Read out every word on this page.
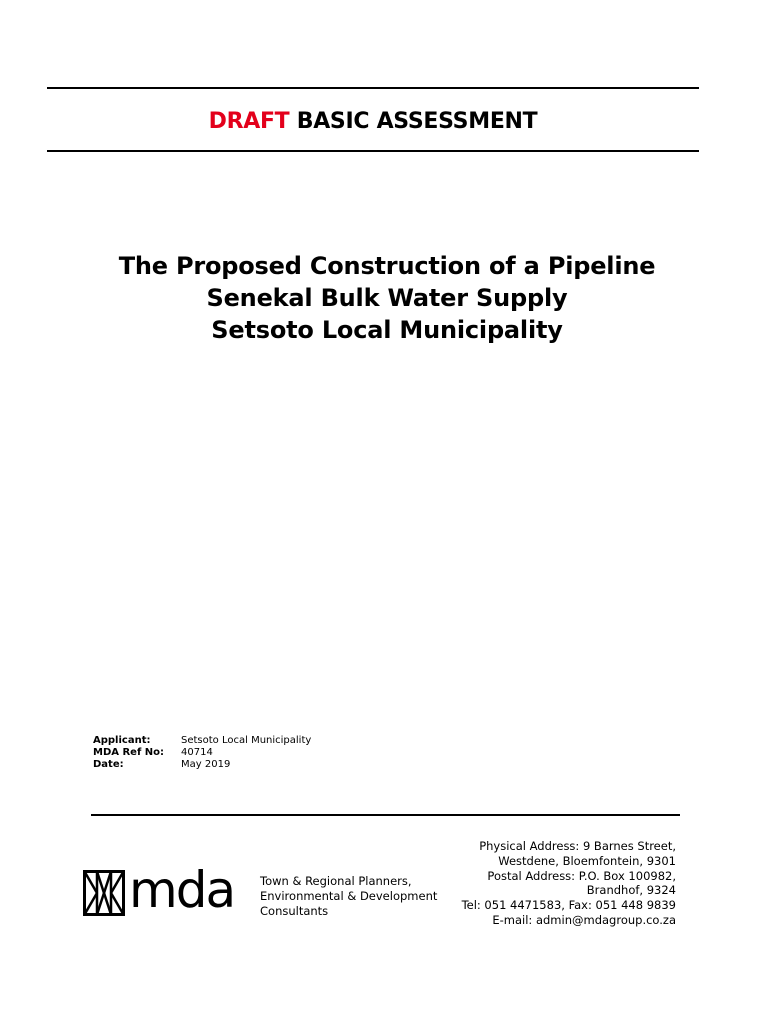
DRAFT BASIC ASSESSMENT
The Proposed Construction of a Pipeline
Senekal Bulk Water Supply
Setsoto Local Municipality
Applicant:	Setsoto Local Municipality
MDA Ref No:	40714
Date:	May 2019
mda Town & Regional Planners,
Environmental & Development
Consultants
Physical Address: 9 Barnes Street,
Westdene, Bloemfontein, 9301
Postal Address: P.O. Box 100982,
Brandhof, 9324
Tel: 051 4471583, Fax: 051 448 9839
E-mail: admin@mdagroup.co.za
